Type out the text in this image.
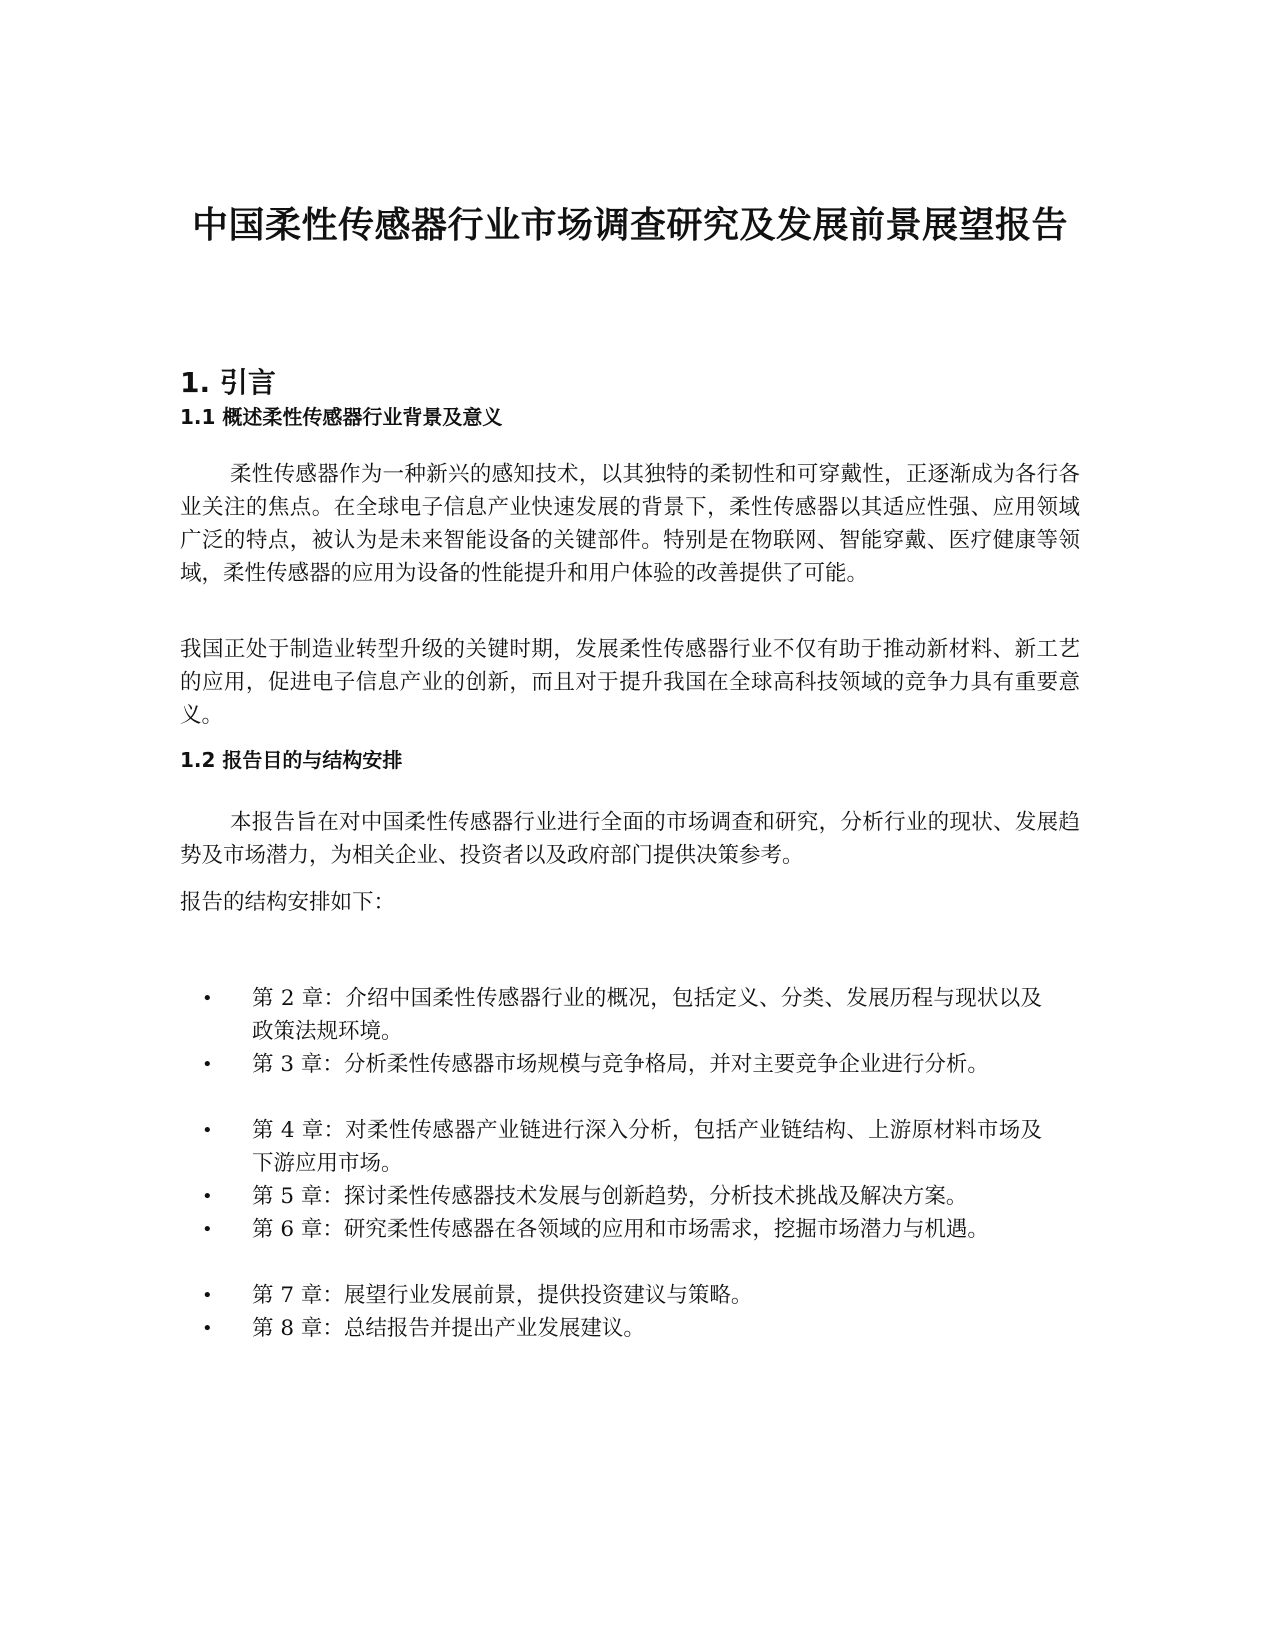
中国柔性传感器行业市场调查研究及发展前景展望报告
1. 引言
1.1 概述柔性传感器行业背景及意义

柔性传感器作为一种新兴的感知技术，以其独特的柔韧性和可穿戴性，正逐渐成为各行各业关注的焦点。在全球电子信息产业快速发展的背景下，柔性传感器以其适应性强、应用领域广泛的特点，被认为是未来智能设备的关键部件。特别是在物联网、智能穿戴、医疗健康等领域，柔性传感器的应用为设备的性能提升和用户体验的改善提供了可能。

我国正处于制造业转型升级的关键时期，发展柔性传感器行业不仅有助于推动新材料、新工艺的应用，促进电子信息产业的创新，而且对于提升我国在全球高科技领域的竞争力具有重要意义。

1.2 报告目的与结构安排

本报告旨在对中国柔性传感器行业进行全面的市场调查和研究，分析行业的现状、发展趋势及市场潜力，为相关企业、投资者以及政府部门提供决策参考。

报告的结构安排如下：

• 第 2 章：介绍中国柔性传感器行业的概况，包括定义、分类、发展历程与现状以及政策法规环境。
• 第 3 章：分析柔性传感器市场规模与竞争格局，并对主要竞争企业进行分析。
• 第 4 章：对柔性传感器产业链进行深入分析，包括产业链结构、上游原材料市场及下游应用市场。
• 第 5 章：探讨柔性传感器技术发展与创新趋势，分析技术挑战及解决方案。
• 第 6 章：研究柔性传感器在各领域的应用和市场需求，挖掘市场潜力与机遇。
• 第 7 章：展望行业发展前景，提供投资建议与策略。
• 第 8 章：总结报告并提出产业发展建议。
